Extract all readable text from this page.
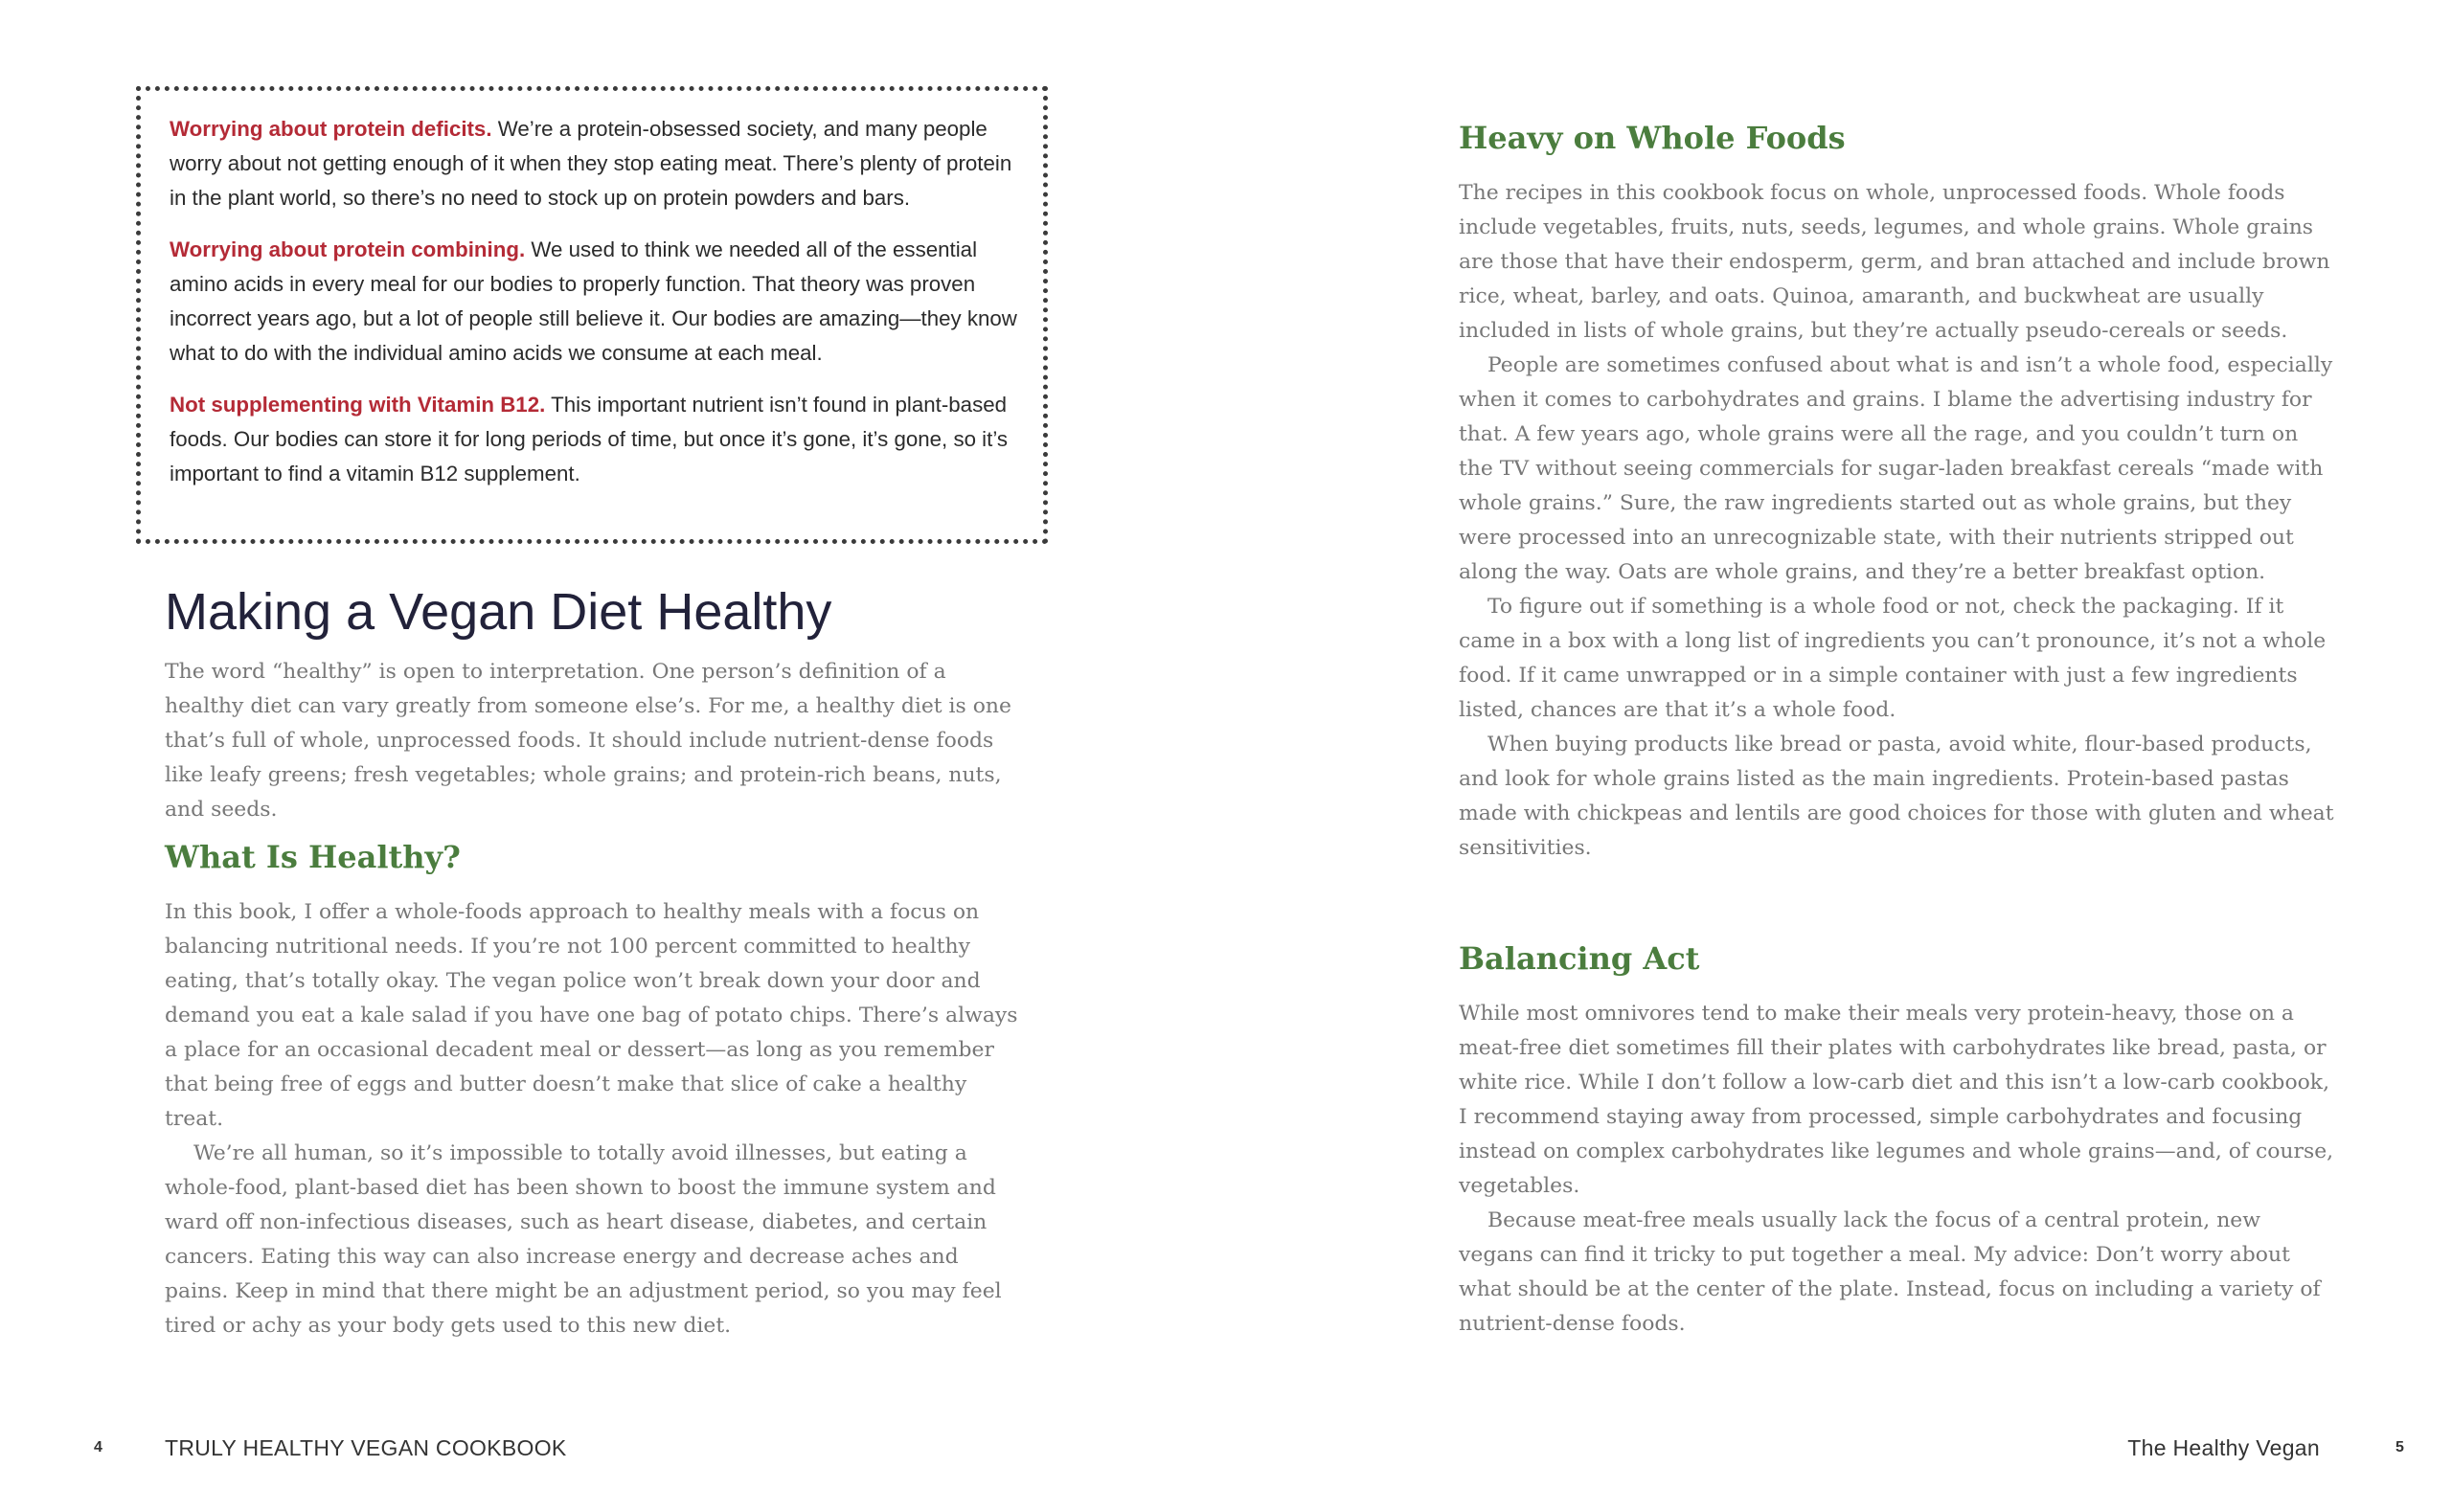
Worrying about protein deficits. We’re a protein-obsessed society, and many people worry about not getting enough of it when they stop eating meat. There’s plenty of protein in the plant world, so there’s no need to stock up on protein powders and bars.

Worrying about protein combining. We used to think we needed all of the essential amino acids in every meal for our bodies to properly function. That theory was proven incorrect years ago, but a lot of people still believe it. Our bodies are amazing—they know what to do with the individual amino acids we consume at each meal.

Not supplementing with Vitamin B12. This important nutrient isn’t found in plant-based foods. Our bodies can store it for long periods of time, but once it’s gone, it’s gone, so it’s important to find a vitamin B12 supplement.

Making a Vegan Diet Healthy

The word “healthy” is open to interpretation. One person’s definition of a healthy diet can vary greatly from someone else’s. For me, a healthy diet is one that’s full of whole, unprocessed foods. It should include nutrient-dense foods like leafy greens; fresh vegetables; whole grains; and protein-rich beans, nuts, and seeds.

What Is Healthy?

In this book, I offer a whole-foods approach to healthy meals with a focus on balancing nutritional needs. If you’re not 100 percent committed to healthy eating, that’s totally okay. The vegan police won’t break down your door and demand you eat a kale salad if you have one bag of potato chips. There’s always a place for an occasional decadent meal or dessert—as long as you remember that being free of eggs and butter doesn’t make that slice of cake a healthy treat.

We’re all human, so it’s impossible to totally avoid illnesses, but eating a whole-food, plant-based diet has been shown to boost the immune system and ward off non-infectious diseases, such as heart disease, diabetes, and certain cancers. Eating this way can also increase energy and decrease aches and pains. Keep in mind that there might be an adjustment period, so you may feel tired or achy as your body gets used to this new diet.

4	TRULY HEALTHY VEGAN COOKBOOK
Heavy on Whole Foods

The recipes in this cookbook focus on whole, unprocessed foods. Whole foods include vegetables, fruits, nuts, seeds, legumes, and whole grains. Whole grains are those that have their endosperm, germ, and bran attached and include brown rice, wheat, barley, and oats. Quinoa, amaranth, and buckwheat are usually included in lists of whole grains, but they’re actually pseudo-cereals or seeds.

People are sometimes confused about what is and isn’t a whole food, especially when it comes to carbohydrates and grains. I blame the advertising industry for that. A few years ago, whole grains were all the rage, and you couldn’t turn on the TV without seeing commercials for sugar-laden breakfast cereals “made with whole grains.” Sure, the raw ingredients started out as whole grains, but they were processed into an unrecognizable state, with their nutrients stripped out along the way. Oats are whole grains, and they’re a better breakfast option.

To figure out if something is a whole food or not, check the packaging. If it came in a box with a long list of ingredients you can’t pronounce, it’s not a whole food. If it came unwrapped or in a simple container with just a few ingredients listed, chances are that it’s a whole food.

When buying products like bread or pasta, avoid white, flour-based products, and look for whole grains listed as the main ingredients. Protein-based pastas made with chickpeas and lentils are good choices for those with gluten and wheat sensitivities.

Balancing Act

While most omnivores tend to make their meals very protein-heavy, those on a meat-free diet sometimes fill their plates with carbohydrates like bread, pasta, or white rice. While I don’t follow a low-carb diet and this isn’t a low-carb cookbook, I recommend staying away from processed, simple carbohydrates and focusing instead on complex carbohydrates like legumes and whole grains—and, of course, vegetables.

Because meat-free meals usually lack the focus of a central protein, new vegans can find it tricky to put together a meal. My advice: Don’t worry about what should be at the center of the plate. Instead, focus on including a variety of nutrient-dense foods.

The Healthy Vegan	5
